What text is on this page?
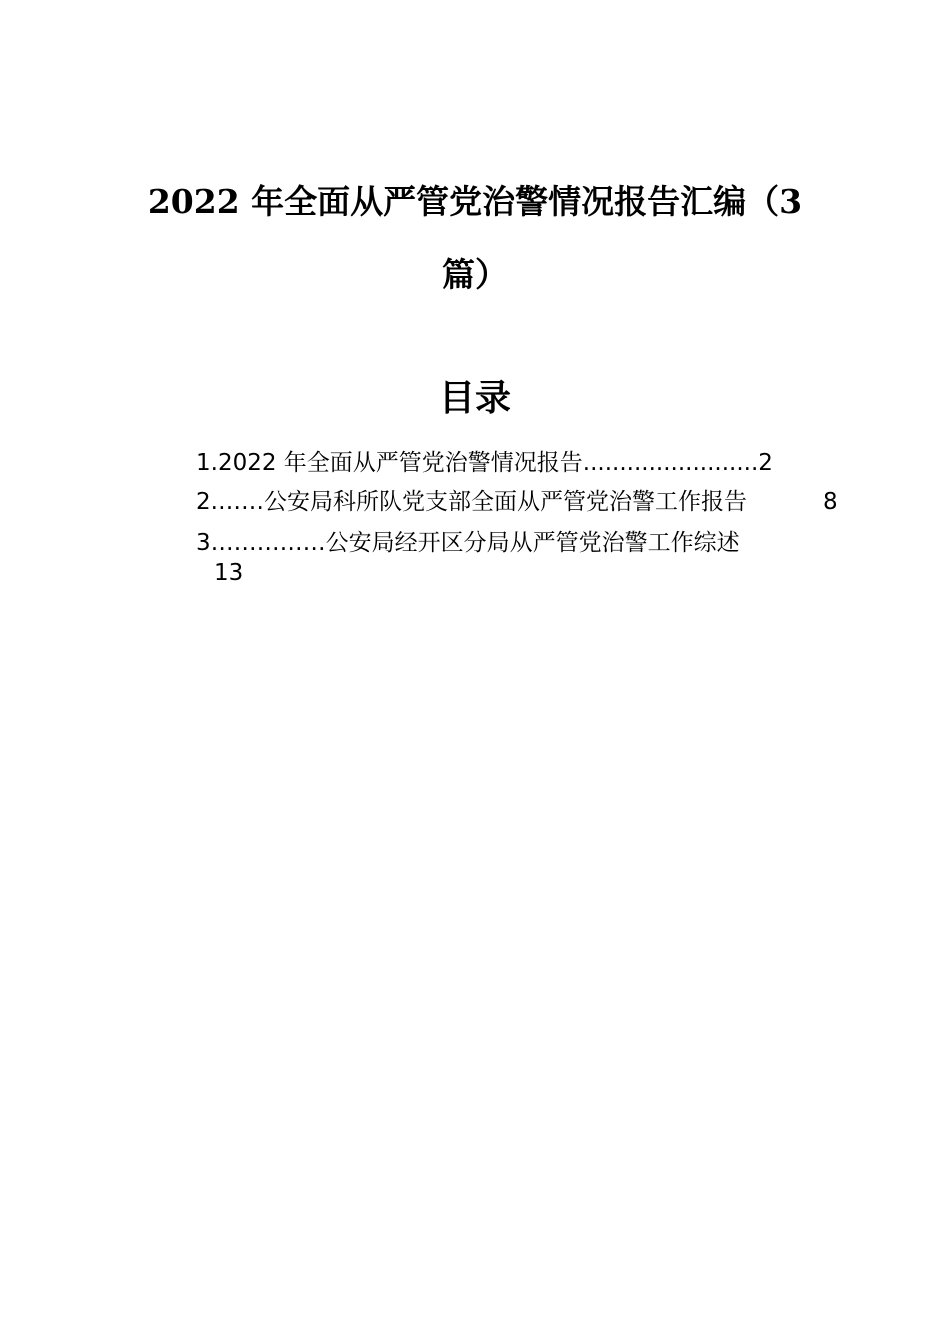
2022 年全面从严管党治警情况报告汇编（3
篇）
目录
1.2022 年全面从严管党治警情况报告........................2
2.……公安局科所队党支部全面从严管党治警工作报告	8
3……………公安局经开区分局从严管党治警工作综述
13
